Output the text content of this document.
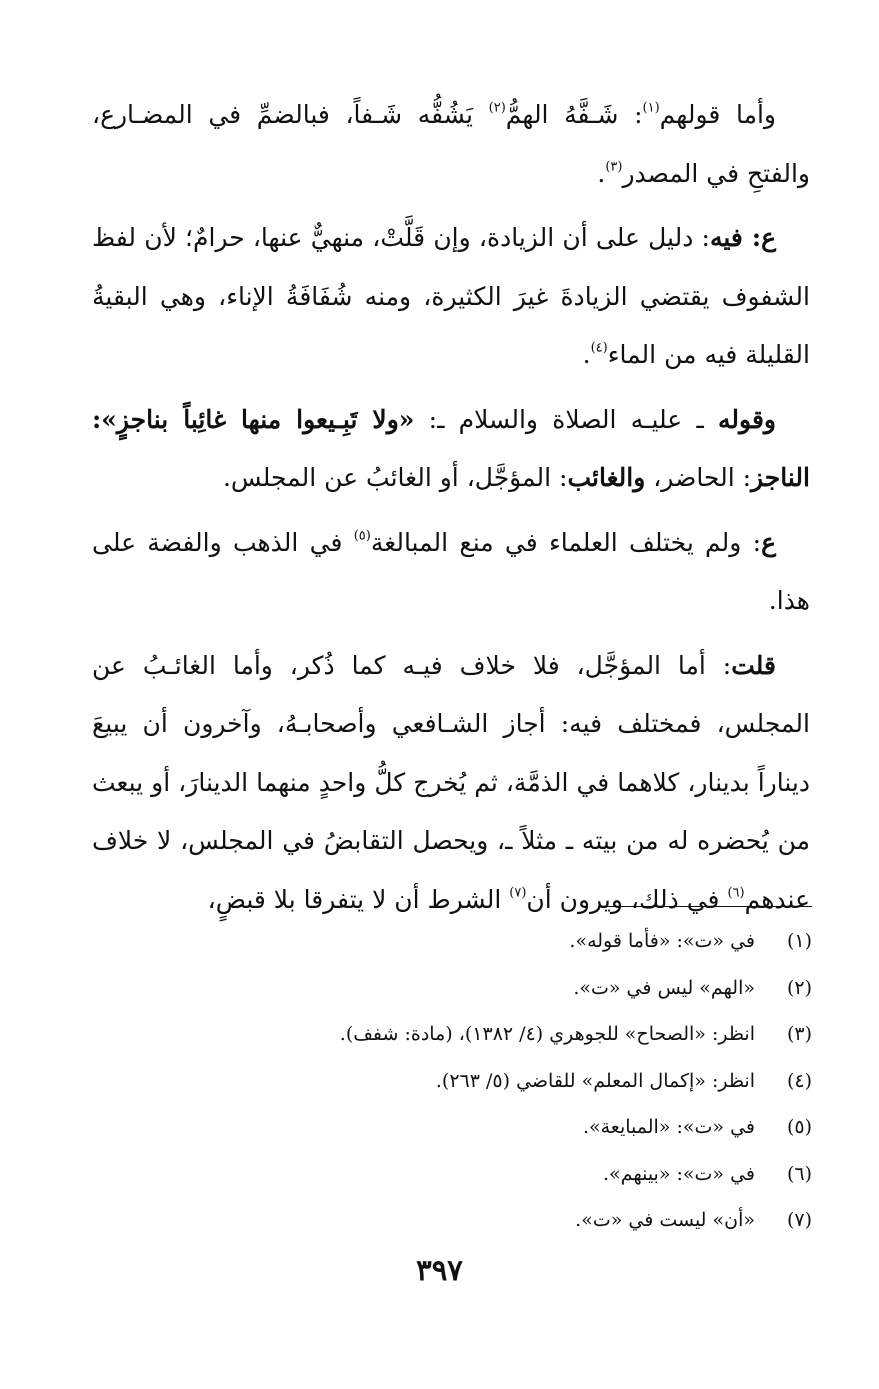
وأما قولهم$^{(١)}$: شَـفَّهُ الهمُّ$^{(٢)}$ يَشُفُّه شَـفاً، فبالضمِّ في المضـارع، والفتحِ في المصدر$^{(٣)}$.

ع: فيه: دليل على أن الزيادة، وإن قَلَّتْ، منهيٌّ عنها، حرامٌ؛ لأن لفظ الشفوف يقتضي الزيادةَ غيرَ الكثيرة، ومنه شُفَافَةُ الإناء، وهي البقيةُ القليلة فيه من الماء$^{(٤)}$.

وقوله ـ عليـه الصلاة والسلام ـ: «ولا تَبِـيعوا منها غائِباً بناجزٍ»: الناجز: الحاضر، والغائب: المؤجَّل، أو الغائبُ عن المجلس.

ع: ولم يختلف العلماء في منع المبالغة$^{(٥)}$ في الذهب والفضة على هذا.

قلت: أما المؤجَّل، فلا خلاف فيـه كما ذُكر، وأما الغائـبُ عن المجلس، فمختلف فيه: أجاز الشـافعي وأصحابـهُ، وآخرون أن يبيعَ ديناراً بدينار، كلاهما في الذمَّة، ثم يُخرج كلُّ واحدٍ منهما الدينارَ، أو يبعث من يُحضره له من بيته ـ مثلاً ـ، ويحصل التقابضُ في المجلس، لا خلاف عندهم$^{(٦)}$ في ذلك، ويرون أن$^{(٧)}$ الشرط أن لا يتفرقا بلا قبضٍ،

(١)
في «ت»: «فأما قوله».
(٢)
«الهم» ليس في «ت».
(٣)
انظر: «الصحاح» للجوهري (٤/ ١٣٨٢)، (مادة: شفف).
(٤)
انظر: «إكمال المعلم» للقاضي (٥/ ٢٦٣).
(٥)
في «ت»: «المبايعة».
(٦)
في «ت»: «بينهم».
(٧)
«أن» ليست في «ت».
٣٩٧
